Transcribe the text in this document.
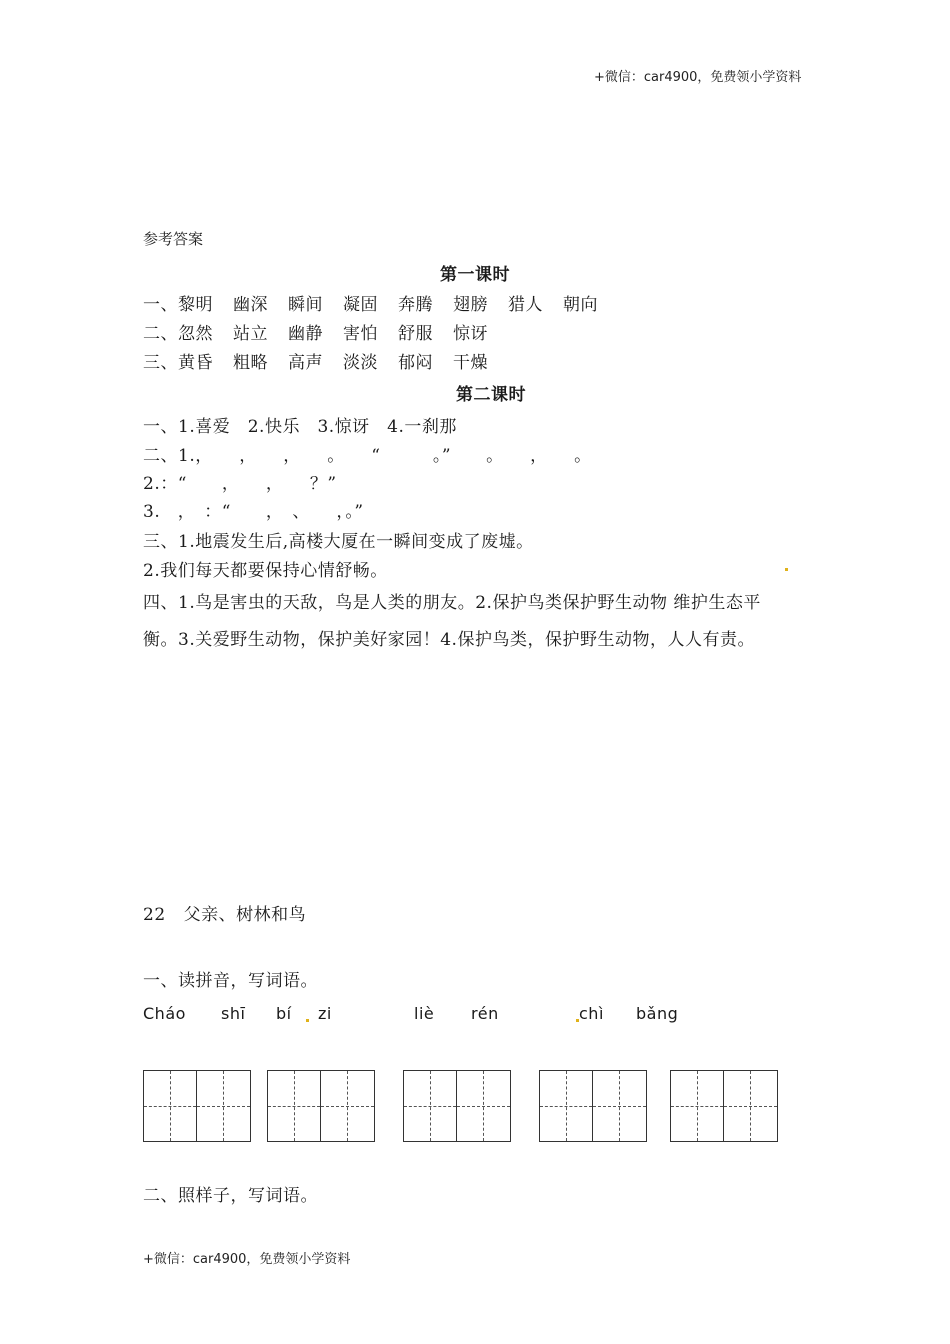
+微信：car4900，免费领小学资料
参考答案
第一课时
一、黎明 幽深 瞬间 凝固 奔腾 翅膀 猎人 朝向
二、忽然 站立 幽静 害怕 舒服 惊讶
三、黄昏 粗略 高声 淡淡 郁闷 干燥
第二课时
一、1.喜爱　2.快乐　3.惊讶　4.一刹那
二、1.，　　，　　，　　。　　“　　　。”　　。　　，　　。
2.：“　　，　　，　　？”
3.　，　：“　　，　、　　，。”
三、1.地震发生后,高楼大厦在一瞬间变成了废墟。
2.我们每天都要保持心情舒畅。
四、1.鸟是害虫的天敌，鸟是人类的朋友。2.保护鸟类保护野生动物 维护生态平
衡。3.关爱野生动物，保护美好家园！4.保护鸟类，保护野生动物，人人有责。
22 父亲、树林和鸟
一、读拼音，写词语。
Cháo shī bí zi	liè rén	chì bǎng
二、照样子，写词语。
+微信：car4900，免费领小学资料
